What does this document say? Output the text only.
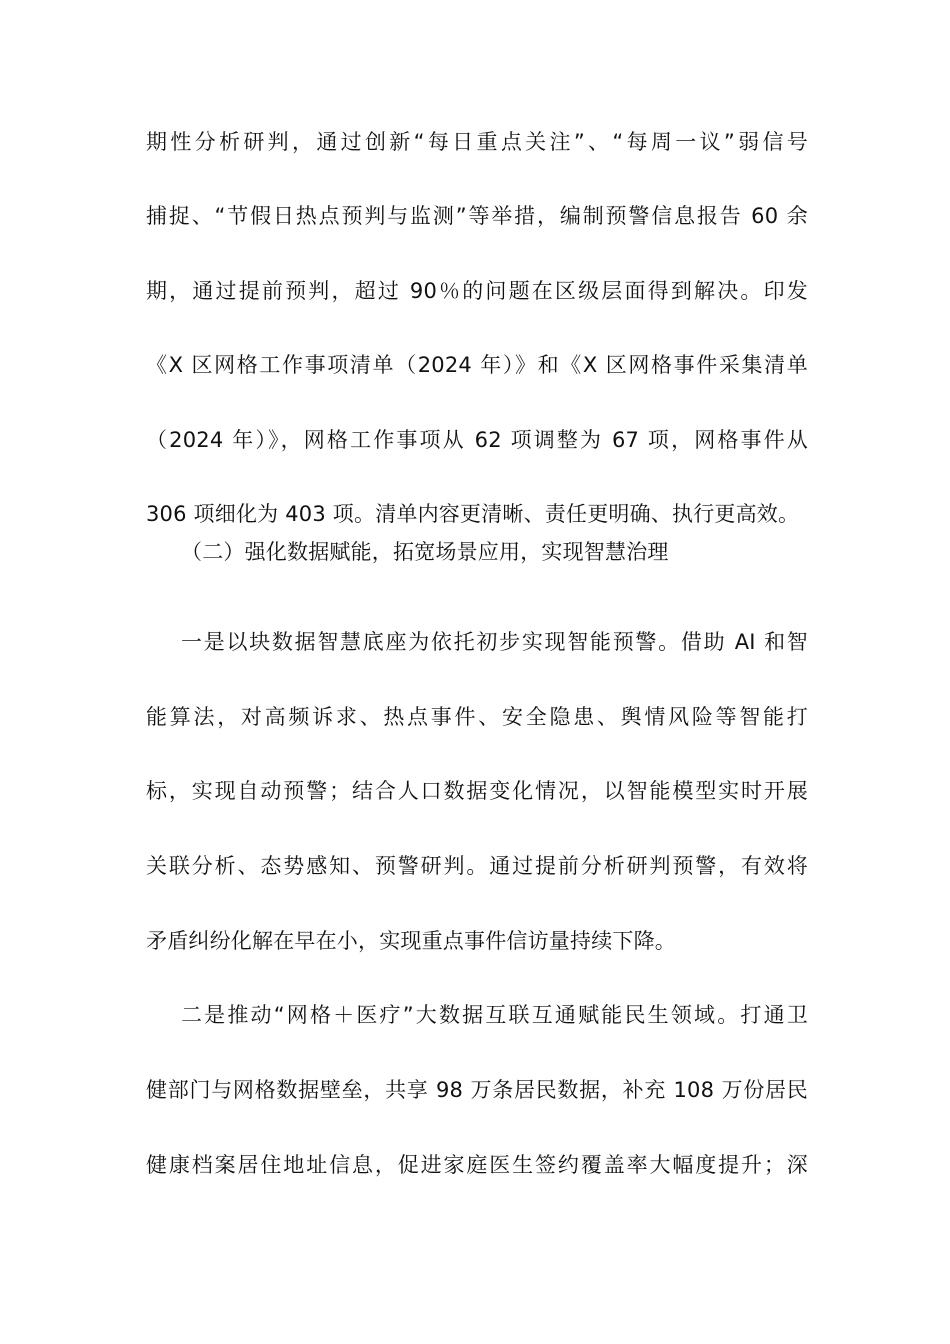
期性分析研判，通过创新“每日重点关注”、“每周一议”弱信号
捕捉、“节假日热点预判与监测”等举措，编制预警信息报告 60 余
期，通过提前预判，超过 90％的问题在区级层面得到解决。印发
《X 区网格工作事项清单（2024 年）》和《X 区网格事件采集清单
（2024 年）》，网格工作事项从 62 项调整为 67 项，网格事件从
306 项细化为 403 项。清单内容更清晰、责任更明确、执行更高效。
（二）强化数据赋能，拓宽场景应用，实现智慧治理
一是以块数据智慧底座为依托初步实现智能预警。借助 AI 和智
能算法，对高频诉求、热点事件、安全隐患、舆情风险等智能打
标，实现自动预警；结合人口数据变化情况，以智能模型实时开展
关联分析、态势感知、预警研判。通过提前分析研判预警，有效将
矛盾纠纷化解在早在小，实现重点事件信访量持续下降。
二是推动“网格＋医疗”大数据互联互通赋能民生领域。打通卫
健部门与网格数据壁垒，共享 98 万条居民数据，补充 108 万份居民
健康档案居住地址信息，促进家庭医生签约覆盖率大幅度提升；深
